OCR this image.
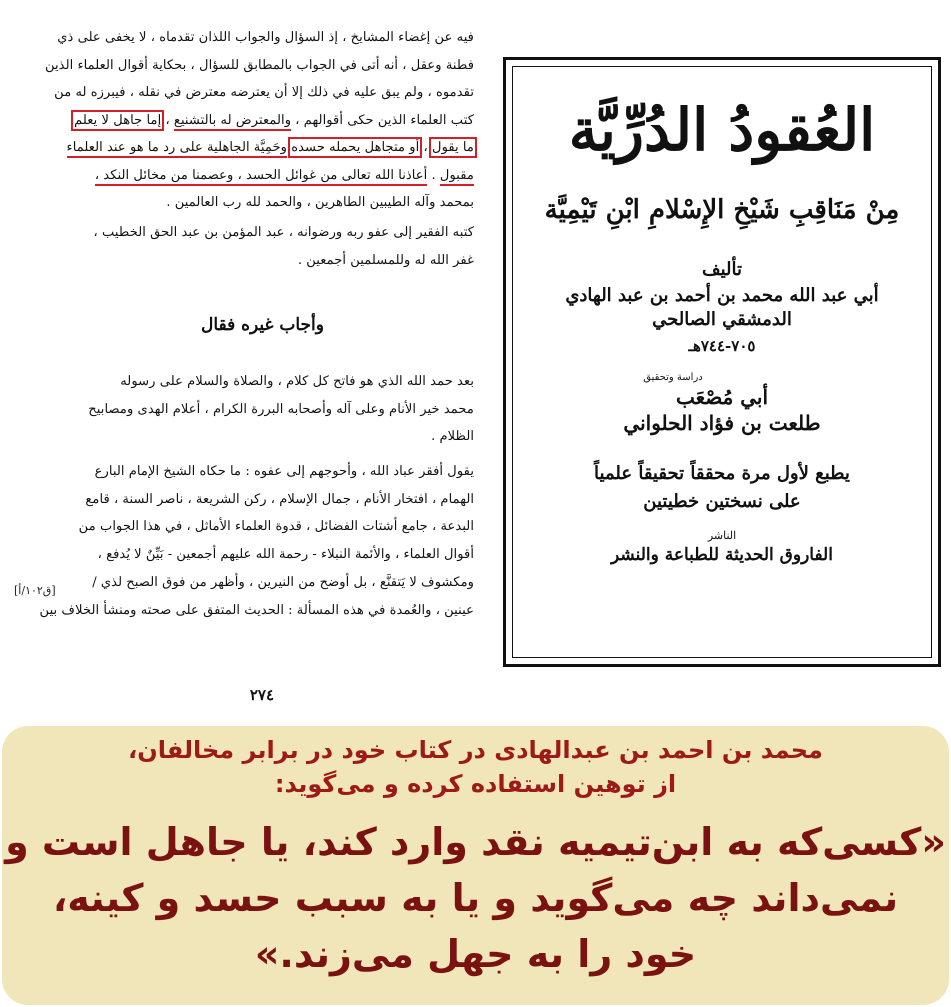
فيه عن إغضاء المشايخ ، إذ السؤال والجواب اللذان تقدماه ، لا يخفى على ذي
فطنة وعقل ، أنه أتى في الجواب بالمطابق للسؤال ، بحكاية أقوال العلماء الذين
تقدموه ، ولم يبق عليه في ذلك إلا أن يعترضه معترض في نقله ، فيبرزه له من
كتب العلماء الذين حكى أقوالهم ، والمعترض له بالتشنيع ، إما جاهل لا يعلم
ما يقول ، أو متجاهل يحمله حسده وحَمِيَّة الجاهلية على رد ما هو عند العلماء
مقبول . أعاذنا الله تعالى من غوائل الحسد ، وعصمنا من مخائل النكد ،
بمحمد وآله الطيبين الطاهرين ، والحمد لله رب العالمين .
كتبه الفقير إلى عفو ربه ورضوانه ، عبد المؤمن بن عبد الحق الخطيب ،
غفر الله له وللمسلمين أجمعين .
وأجاب غيره فقال
بعد حمد الله الذي هو فاتح كل كلام ، والصلاة والسلام على رسوله
محمد خير الأنام وعلى آله وأصحابه البررة الكرام ، أعلام الهدى ومصابيح
الظلام .
يقول أفقر عباد الله ، وأحوجهم إلى عفوه : ما حكاه الشيخ الإمام البارع
الهمام ، افتخار الأنام ، جمال الإسلام ، ركن الشريعة ، ناصر السنة ، قامع
البدعة ، جامع أشتات الفضائل ، قدوة العلماء الأماثل ، في هذا الجواب من
أقوال العلماء ، والأئمة النبلاء - رحمة الله عليهم أجمعين - بَيِّنٌ لا يُدفع ،
ومكشوف لا يَتقنَّع ، بل أوضح من النيرين ، وأظهر من فوق الصبح لذي /
عينين ، والعُمدة في هذه المسألة : الحديث المتفق على صحته ومنشأ الخلاف بين
[ق١٠٢/أ]
٢٧٤
العُقودُ الدُرِّيَّة
مِنْ مَنَاقِبِ شَيْخِ الإِسْلامِ ابْنِ تَيْمِيَّة
تأليف
أبي عبد الله محمد بن أحمد بن عبد الهادي
الدمشقي الصالحي
٧٠٥-٧٤٤هـ
دراسة وتحقيق
أبي مُصْعَب
طلعت بن فؤاد الحلواني
يطبع لأول مرة محققاً تحقيقاً علمياً
على نسختين خطيتين
الناشر
الفاروق الحديثة للطباعة والنشر
محمد بن احمد بن عبدالهادی در کتاب خود در برابر مخالفان،
از توهین استفاده کرده و می‌گوید:
«کسی‌که به ابن‌تیمیه نقد وارد کند، یا جاهل است و
نمی‌داند چه می‌گوید و یا به سبب حسد و کینه،
خود را به جهل می‌زند.»
